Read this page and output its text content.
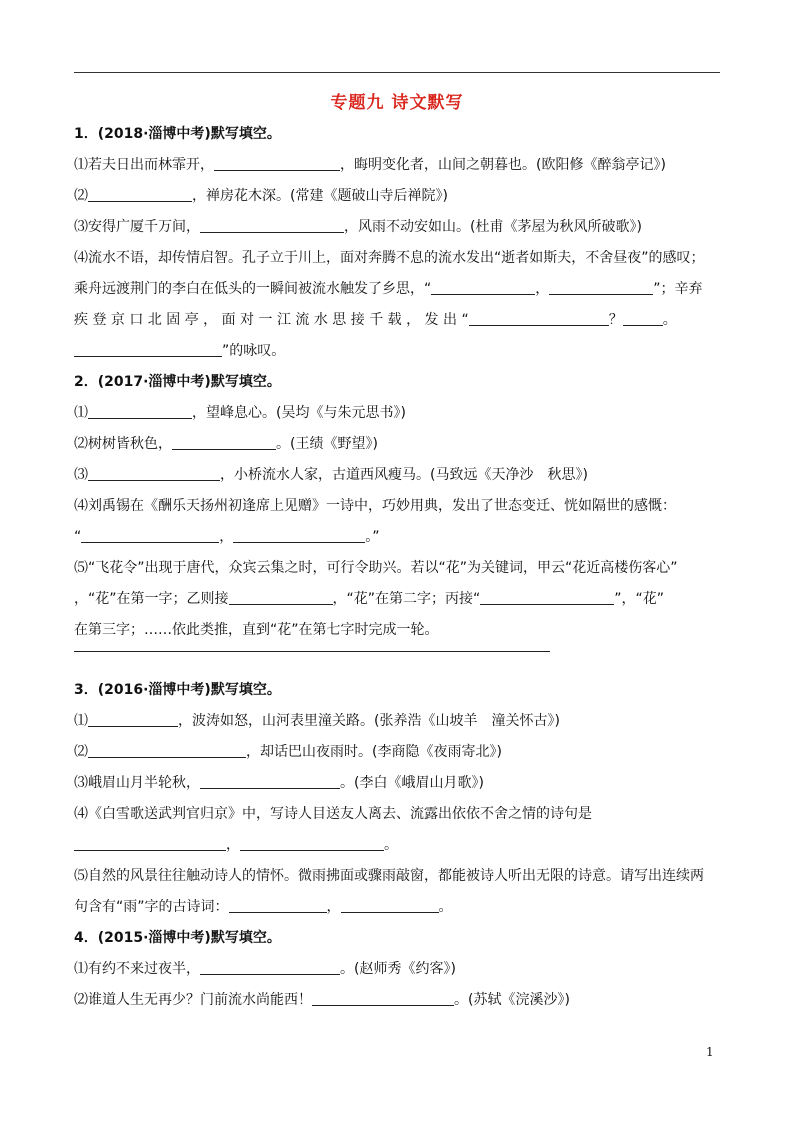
专题九 诗文默写
1．(2018·淄博中考)默写填空。
⑴若夫日出而林霏开，	，晦明变化者，山间之朝暮也。(欧阳修《醉翁亭记》)
⑵	，禅房花木深。(常建《题破山寺后禅院》)
⑶安得广厦千万间，	，风雨不动安如山。(杜甫《茅屋为秋风所破歌》)
⑷流水不语，却传情启智。孔子立于川上，面对奔腾不息的流水发出“逝者如斯夫，不舍昼夜”的感叹；
乘舟远渡荆门的李白在低头的一瞬间被流水触发了乡思，“	，	”；辛弃
疾 登 京 口 北 固 亭 ， 面 对 一 江 流 水 思 接 千 载 ， 发 出 “	？	。
”的咏叹。
2．(2017·淄博中考)默写填空。
⑴	，望峰息心。(吴均《与朱元思书》)
⑵树树皆秋色，	。(王绩《野望》)
⑶	，小桥流水人家，古道西风瘦马。(马致远《天净沙　秋思》)
⑷刘禹锡在《酬乐天扬州初逢席上见赠》一诗中，巧妙用典，发出了世态变迁、恍如隔世的感慨：
“	，	。”
⑸“飞花令”出现于唐代，众宾云集之时，可行令助兴。若以“花”为关键词，甲云“花近高楼伤客心”
，“花”在第一字；乙则接	，“花”在第二字；丙接“	”，“花”
在第三字；……依此类推，直到“花”在第七字时完成一轮。
3．(2016·淄博中考)默写填空。
⑴	，波涛如怒，山河表里潼关路。(张养浩《山坡羊　潼关怀古》)
⑵	，却话巴山夜雨时。(李商隐《夜雨寄北》)
⑶峨眉山月半轮秋，	。(李白《峨眉山月歌》)
⑷《白雪歌送武判官归京》中，写诗人目送友人离去、流露出依依不舍之情的诗句是
，	。
⑸自然的风景往往触动诗人的情怀。微雨拂面或骤雨敲窗，都能被诗人听出无限的诗意。请写出连续两
句含有“雨”字的古诗词：	，	。
4．(2015·淄博中考)默写填空。
⑴有约不来过夜半，	。(赵师秀《约客》)
⑵谁道人生无再少？门前流水尚能西！	。(苏轼《浣溪沙》)
1
